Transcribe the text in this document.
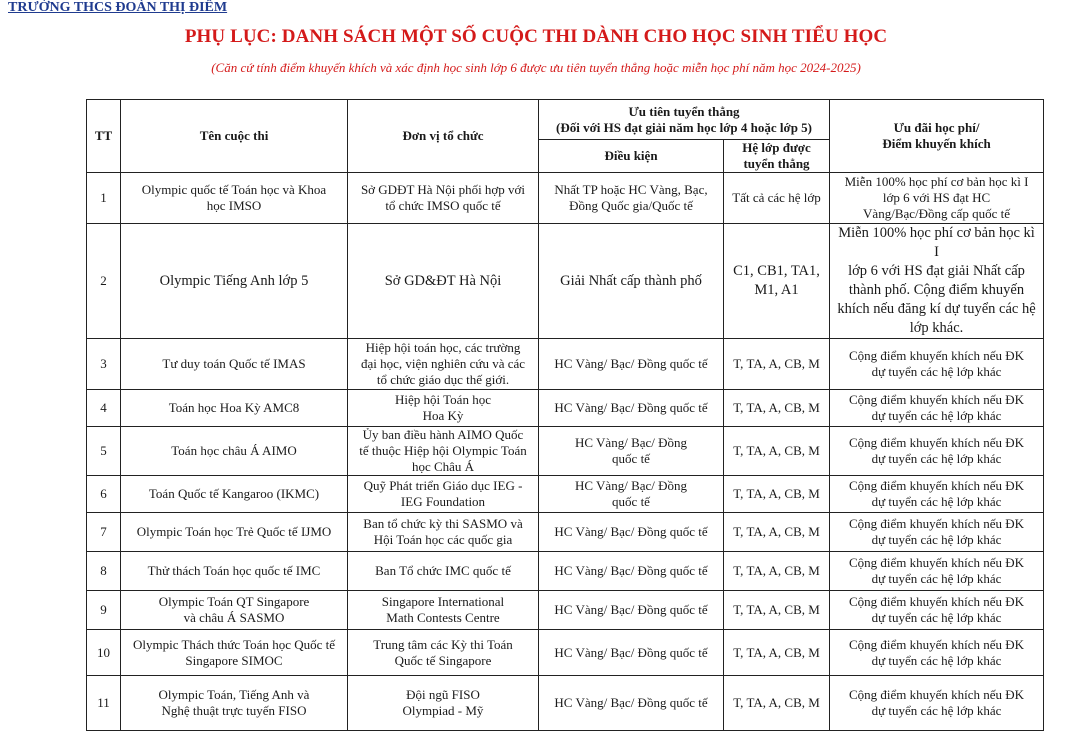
TRƯỜNG THCS ĐOÀN THỊ ĐIỂM
PHỤ LỤC: DANH SÁCH MỘT SỐ CUỘC THI DÀNH CHO HỌC SINH TIỂU HỌC
(Căn cứ tính điểm khuyến khích và xác định học sinh lớp 6 được ưu tiên tuyển thẳng hoặc miễn học phí năm học 2024-2025)
TT	Tên cuộc thi	Đơn vị tổ chức	Ưu tiên tuyển thẳng
(Đối với HS đạt giải năm học lớp 4 hoặc lớp 5)		Ưu đãi học phí/
Điểm khuyến khích

			Điều kiện	Hệ lớp được
tuyển thẳng	

1	Olympic quốc tế Toán học và Khoa
học IMSO	Sở GDĐT Hà Nội phối hợp với
tổ chức IMSO quốc tế	Nhất TP hoặc HC Vàng, Bạc,
Đồng Quốc gia/Quốc tế	Tất cả các hệ lớp	Miễn 100% học phí cơ bản học kì I
lớp 6 với HS đạt HC
Vàng/Bạc/Đồng cấp quốc tế

2	Olympic Tiếng Anh lớp 5	Sở GD&ĐT Hà Nội	Giải Nhất cấp thành phố	C1, CB1, TA1,
M1, A1	Miễn 100% học phí cơ bản học kì I
lớp 6 với HS đạt giải Nhất cấp
thành phố. Cộng điểm khuyến
khích nếu đăng kí dự tuyển các hệ
lớp khác.

3	Tư duy toán Quốc tế IMAS	Hiệp hội toán học, các trường
đại học, viện nghiên cứu và các
tổ chức giáo dục thế giới.	HC Vàng/ Bạc/ Đồng quốc tế	T, TA, A, CB, M	Cộng điểm khuyến khích nếu ĐK
dự tuyển các hệ lớp khác

4	Toán học Hoa Kỳ AMC8	Hiệp hội Toán học
Hoa Kỳ	HC Vàng/ Bạc/ Đồng quốc tế	T, TA, A, CB, M	Cộng điểm khuyến khích nếu ĐK
dự tuyển các hệ lớp khác

5	Toán học châu Á AIMO	Ủy ban điều hành AIMO Quốc
tế thuộc Hiệp hội Olympic Toán
học Châu Á	HC Vàng/ Bạc/ Đồng
quốc tế	T, TA, A, CB, M	Cộng điểm khuyến khích nếu ĐK
dự tuyển các hệ lớp khác

6	Toán Quốc tế Kangaroo (IKMC)	Quỹ Phát triển Giáo dục IEG -
IEG Foundation	HC Vàng/ Bạc/ Đồng
quốc tế	T, TA, A, CB, M	Cộng điểm khuyến khích nếu ĐK
dự tuyển các hệ lớp khác

7	Olympic Toán học Trẻ Quốc tế IJMO	Ban tổ chức kỳ thi SASMO và
Hội Toán học các quốc gia	HC Vàng/ Bạc/ Đồng quốc tế	T, TA, A, CB, M	Cộng điểm khuyến khích nếu ĐK
dự tuyển các hệ lớp khác

8	Thử thách Toán học quốc tế IMC	Ban Tổ chức IMC quốc tế	HC Vàng/ Bạc/ Đồng quốc tế	T, TA, A, CB, M	Cộng điểm khuyến khích nếu ĐK
dự tuyển các hệ lớp khác

9	Olympic Toán QT Singapore
và châu Á SASMO	Singapore International
Math Contests Centre	HC Vàng/ Bạc/ Đồng quốc tế	T, TA, A, CB, M	Cộng điểm khuyến khích nếu ĐK
dự tuyển các hệ lớp khác

10	Olympic Thách thức Toán học Quốc tế
Singapore SIMOC	Trung tâm các Kỳ thi Toán
Quốc tế Singapore	HC Vàng/ Bạc/ Đồng quốc tế	T, TA, A, CB, M	Cộng điểm khuyến khích nếu ĐK
dự tuyển các hệ lớp khác

11	Olympic Toán, Tiếng Anh và
Nghệ thuật trực tuyến FISO	Đội ngũ FISO
Olympiad - Mỹ	HC Vàng/ Bạc/ Đồng quốc tế	T, TA, A, CB, M	Cộng điểm khuyến khích nếu ĐK
dự tuyển các hệ lớp khác
